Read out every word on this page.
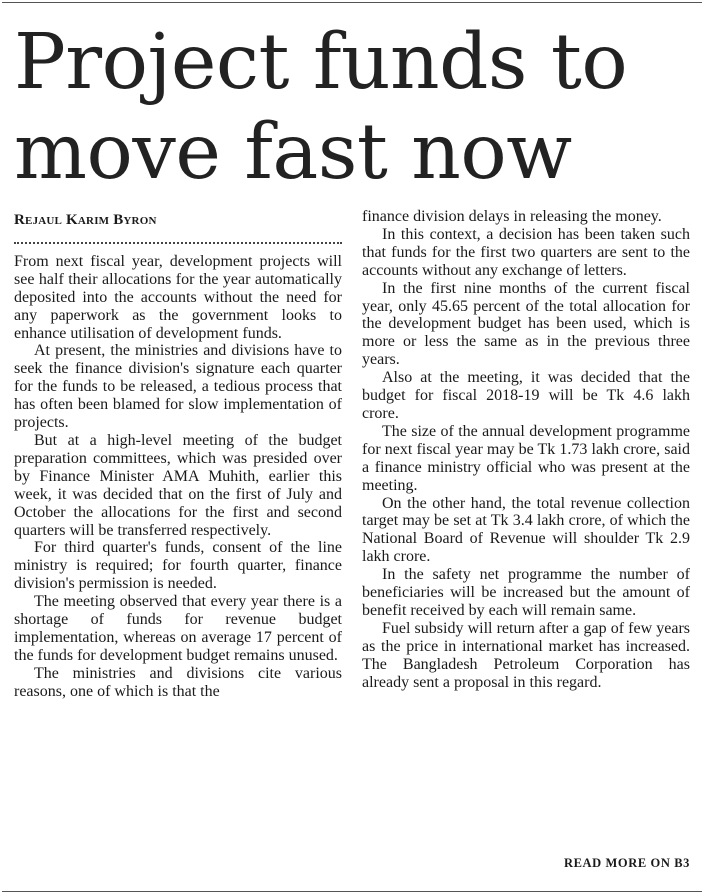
Project funds to move fast now
Rejaul Karim Byron

From next fiscal year, development projects will see half their allocations for the year automatically deposited into the accounts without the need for any paperwork as the government looks to enhance utilisation of development funds.

At present, the ministries and divisions have to seek the finance division's signature each quarter for the funds to be released, a tedious process that has often been blamed for slow implementation of projects.

But at a high-level meeting of the budget preparation committees, which was presided over by Finance Minister AMA Muhith, earlier this week, it was decided that on the first of July and October the allocations for the first and second quarters will be transferred respectively.

For third quarter's funds, consent of the line ministry is required; for fourth quarter, finance division's permission is needed.

The meeting observed that every year there is a shortage of funds for revenue budget implementation, whereas on average 17 percent of the funds for development budget remains unused.

The ministries and divisions cite various reasons, one of which is that the

finance division delays in releasing the money.

In this context, a decision has been taken such that funds for the first two quarters are sent to the accounts without any exchange of letters.

In the first nine months of the current fiscal year, only 45.65 percent of the total allocation for the development budget has been used, which is more or less the same as in the previous three years.

Also at the meeting, it was decided that the budget for fiscal 2018-19 will be Tk 4.6 lakh crore.

The size of the annual development programme for next fiscal year may be Tk 1.73 lakh crore, said a finance ministry official who was present at the meeting.

On the other hand, the total revenue collection target may be set at Tk 3.4 lakh crore, of which the National Board of Revenue will shoulder Tk 2.9 lakh crore.

In the safety net programme the number of beneficiaries will be increased but the amount of benefit received by each will remain same.

Fuel subsidy will return after a gap of few years as the price in international market has increased. The Bangladesh Petroleum Corporation has already sent a proposal in this regard.

READ MORE ON B3
